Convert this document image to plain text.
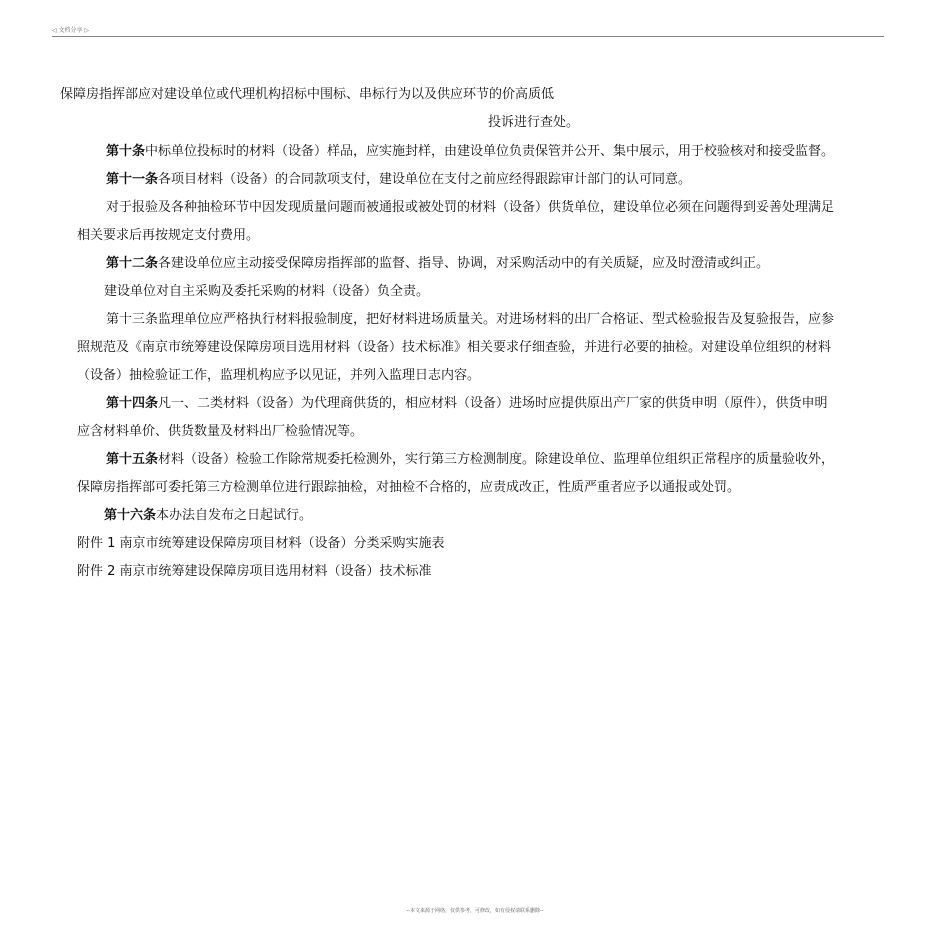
◁ 文档分享 ▷
保障房指挥部应对建设单位或代理机构招标中围标、串标行为以及供应环节的价高质低
投诉进行查处。
第十条中标单位投标时的材料（设备）样品，应实施封样，由建设单位负责保管并公开、集中展示，用于校验核对和接受监督。
第十一条各项目材料（设备）的合同款项支付，建设单位在支付之前应经得跟踪审计部门的认可同意。
对于报验及各种抽检环节中因发现质量问题而被通报或被处罚的材料（设备）供货单位，建设单位必须在问题得到妥善处理满足
相关要求后再按规定支付费用。
第十二条各建设单位应主动接受保障房指挥部的监督、指导、协调，对采购活动中的有关质疑，应及时澄清或纠正。
建设单位对自主采购及委托采购的材料（设备）负全责。
第十三条监理单位应严格执行材料报验制度，把好材料进场质量关。对进场材料的出厂合格证、型式检验报告及复验报告，应参
照规范及《南京市统筹建设保障房项目选用材料（设备）技术标准》相关要求仔细查验，并进行必要的抽检。对建设单位组织的材料
（设备）抽检验证工作，监理机构应予以见证，并列入监理日志内容。
第十四条凡一、二类材料（设备）为代理商供货的，相应材料（设备）进场时应提供原出产厂家的供货申明（原件），供货申明
应含材料单价、供货数量及材料出厂检验情况等。
第十五条材料（设备）检验工作除常规委托检测外，实行第三方检测制度。除建设单位、监理单位组织正常程序的质量验收外，
保障房指挥部可委托第三方检测单位进行跟踪抽检，对抽检不合格的，应责成改正，性质严重者应予以通报或处罚。
第十六条本办法自发布之日起试行。
附件 1 南京市统筹建设保障房项目材料（设备）分类采购实施表
附件 2 南京市统筹建设保障房项目选用材料（设备）技术标准
--本文来源于网络，仅供参考，可修改，如有侵权请联系删除--
